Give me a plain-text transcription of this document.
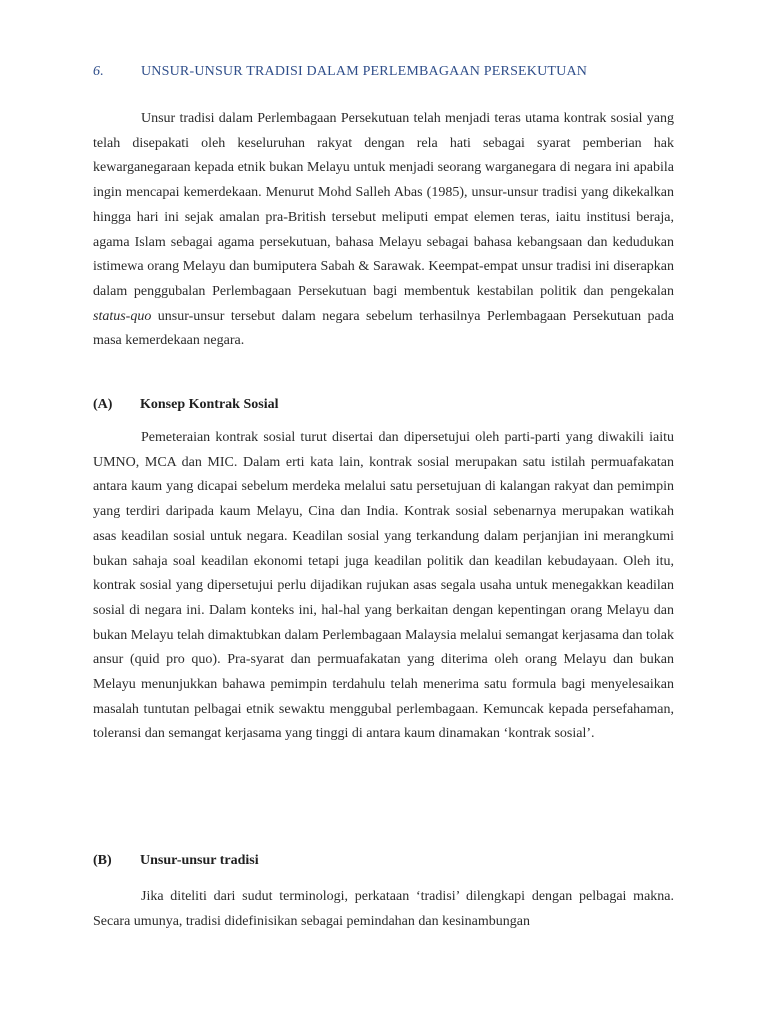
6.	UNSUR-UNSUR TRADISI DALAM PERLEMBAGAAN PERSEKUTUAN

Unsur tradisi dalam Perlembagaan Persekutuan telah menjadi teras utama kontrak sosial yang telah disepakati oleh keseluruhan rakyat dengan rela hati sebagai syarat pemberian hak kewarganegaraan kepada etnik bukan Melayu untuk menjadi seorang warganegara di negara ini apabila ingin mencapai kemerdekaan. Menurut Mohd Salleh Abas (1985), unsur-unsur tradisi yang dikekalkan hingga hari ini sejak amalan pra-British tersebut meliputi empat elemen teras, iaitu institusi beraja, agama Islam sebagai agama persekutuan, bahasa Melayu sebagai bahasa kebangsaan dan kedudukan istimewa orang Melayu dan bumiputera Sabah & Sarawak. Keempat-empat unsur tradisi ini diserapkan dalam penggubalan Perlembagaan Persekutuan bagi membentuk kestabilan politik dan pengekalan status-quo unsur-unsur tersebut dalam negara sebelum terhasilnya Perlembagaan Persekutuan pada masa kemerdekaan negara.

(A) Konsep Kontrak Sosial

Pemeteraian kontrak sosial turut disertai dan dipersetujui oleh parti-parti yang diwakili iaitu UMNO, MCA dan MIC. Dalam erti kata lain, kontrak sosial merupakan satu istilah permuafakatan antara kaum yang dicapai sebelum merdeka melalui satu persetujuan di kalangan rakyat dan pemimpin yang terdiri daripada kaum Melayu, Cina dan India. Kontrak sosial sebenarnya merupakan watikah asas keadilan sosial untuk negara. Keadilan sosial yang terkandung dalam perjanjian ini merangkumi bukan sahaja soal keadilan ekonomi tetapi juga keadilan politik dan keadilan kebudayaan. Oleh itu, kontrak sosial yang dipersetujui perlu dijadikan rujukan asas segala usaha untuk menegakkan keadilan sosial di negara ini. Dalam konteks ini, hal-hal yang berkaitan dengan kepentingan orang Melayu dan bukan Melayu telah dimaktubkan dalam Perlembagaan Malaysia melalui semangat kerjasama dan tolak ansur (quid pro quo). Pra-syarat dan permuafakatan yang diterima oleh orang Melayu dan bukan Melayu menunjukkan bahawa pemimpin terdahulu telah menerima satu formula bagi menyelesaikan masalah tuntutan pelbagai etnik sewaktu menggubal perlembagaan. Kemuncak kepada persefahaman, toleransi dan semangat kerjasama yang tinggi di antara kaum dinamakan ‘kontrak sosial’.

(B) Unsur-unsur tradisi

Jika diteliti dari sudut terminologi, perkataan ‘tradisi’ dilengkapi dengan pelbagai makna. Secara umunya, tradisi didefinisikan sebagai pemindahan dan kesinambungan
